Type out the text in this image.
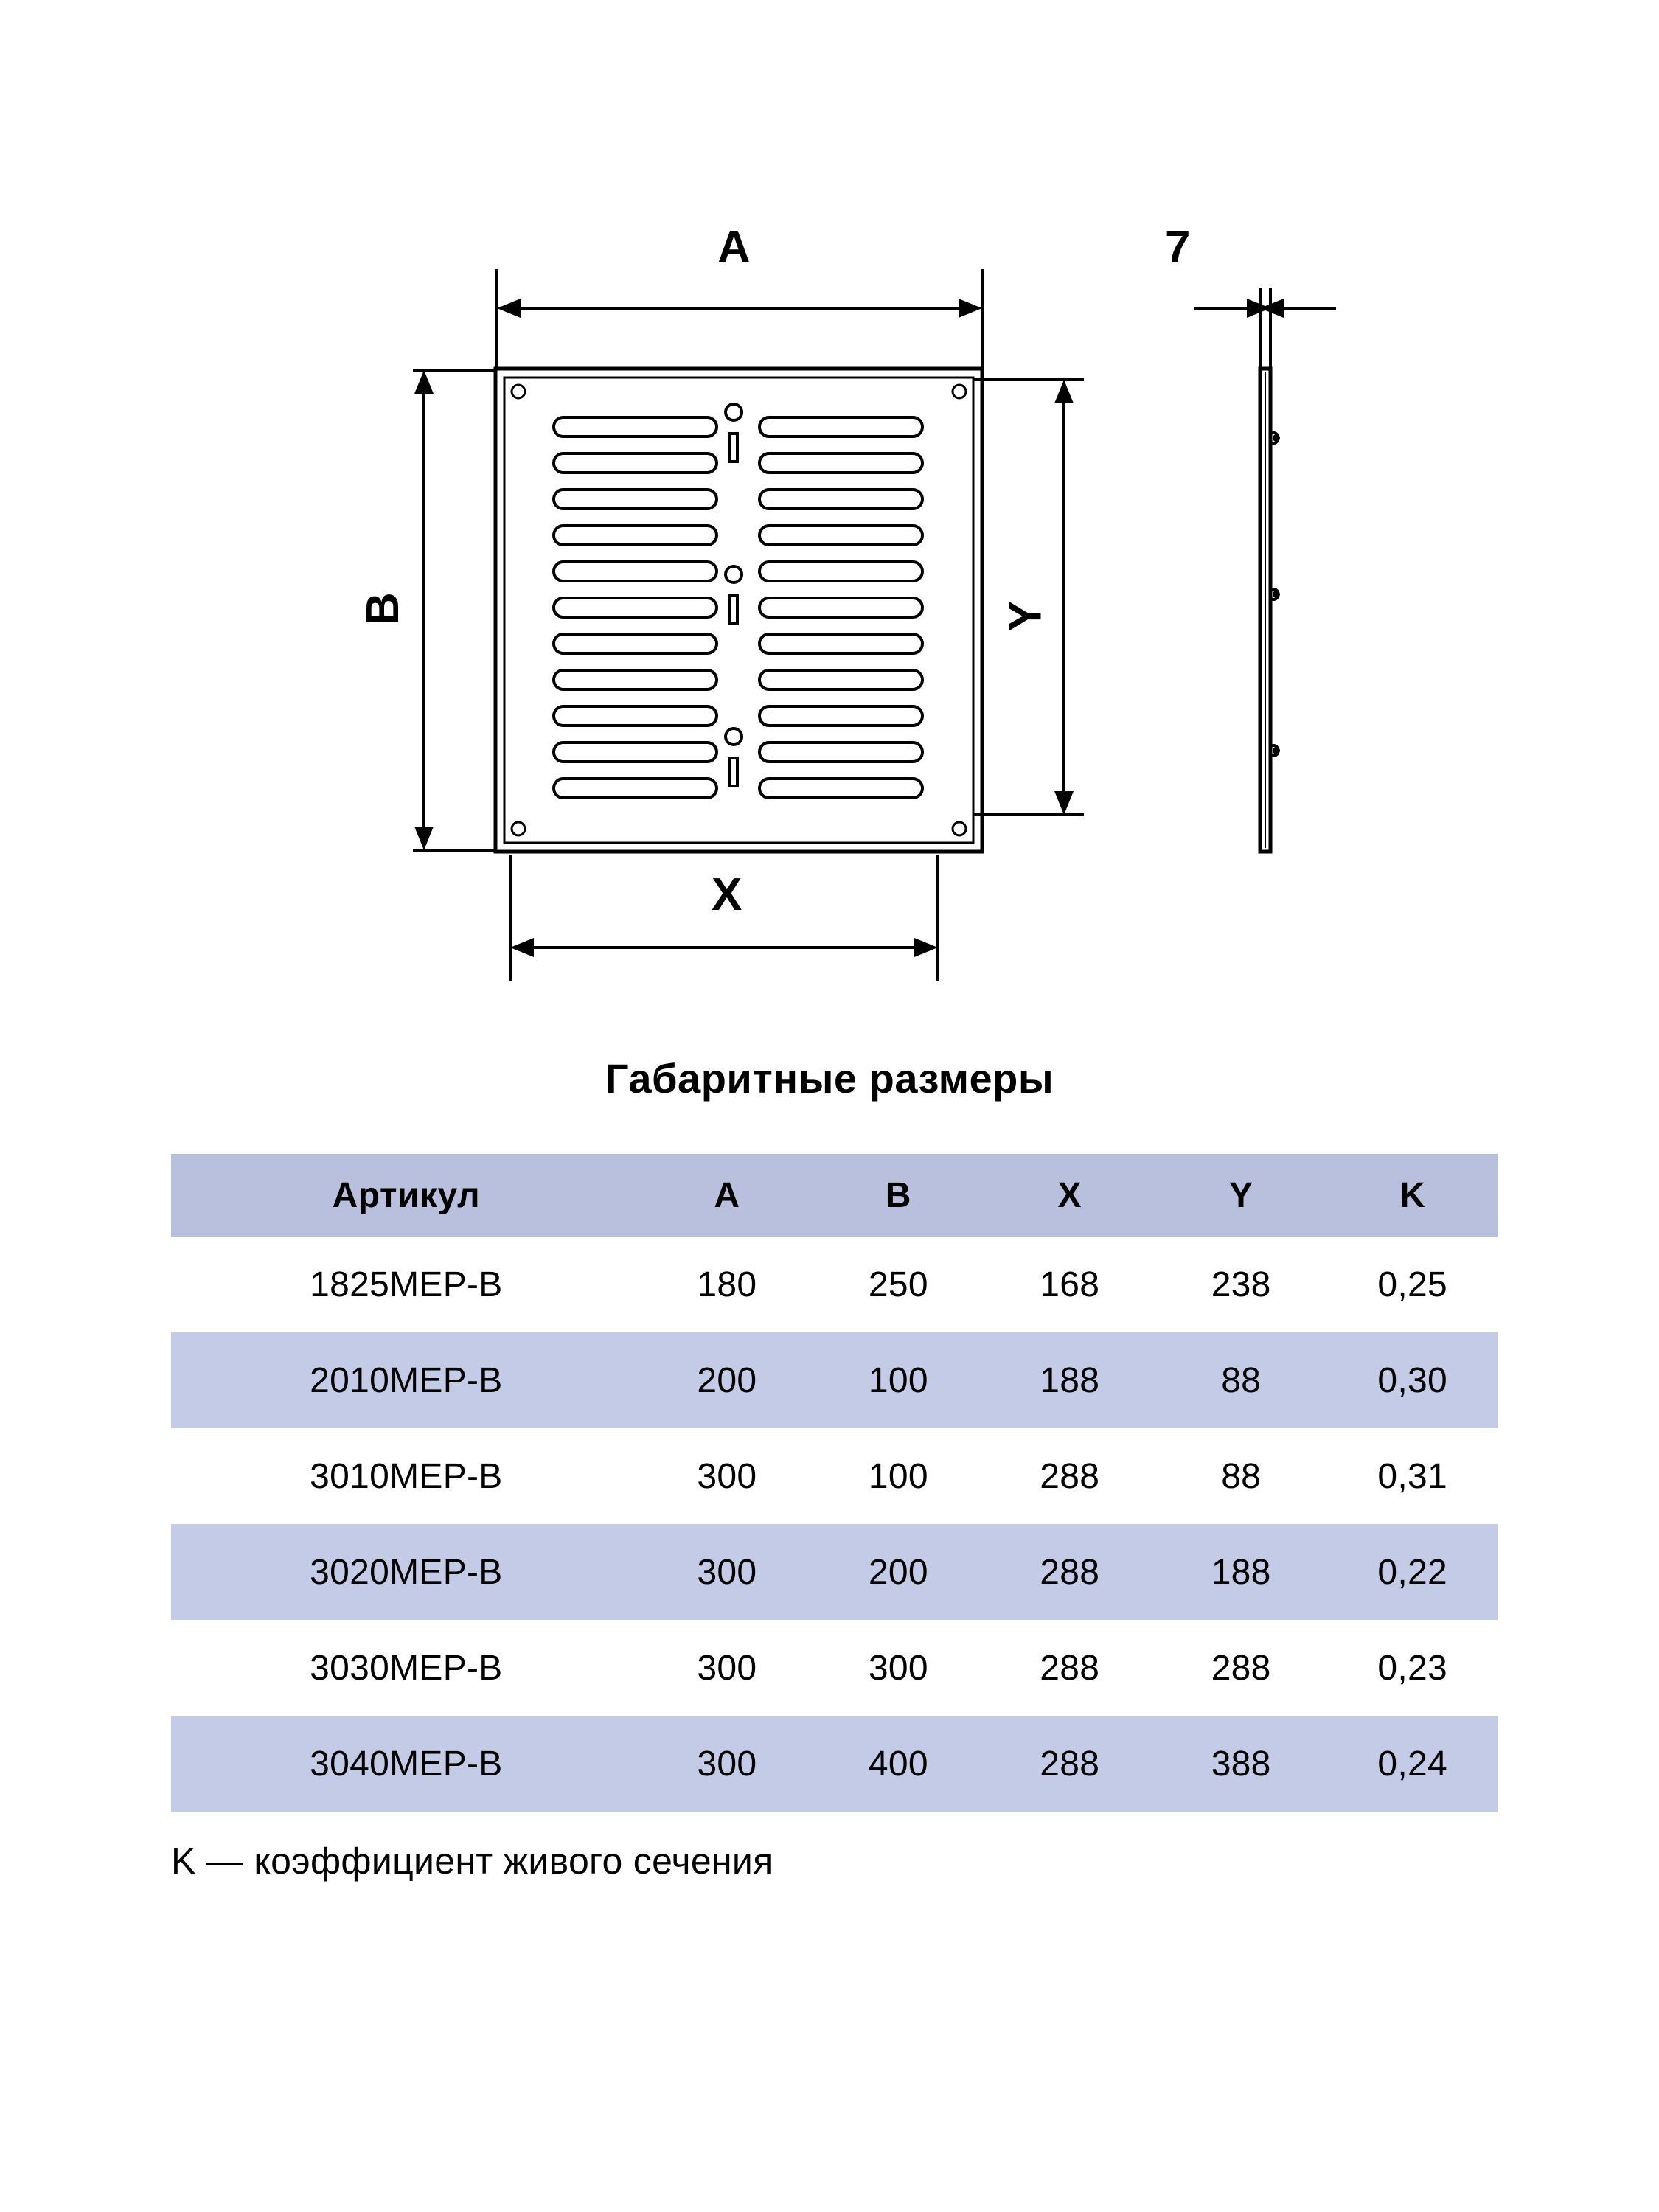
A
B
X
Y
7
Габаритные размеры
Артикул	A	B	X	Y	K
1825МЕР-В	180	250	168	238	0,25
2010МЕР-В	200	100	188	88	0,30
3010МЕР-В	300	100	288	88	0,31
3020МЕР-В	300	200	288	188	0,22
3030МЕР-В	300	300	288	288	0,23
3040МЕР-В	300	400	288	388	0,24
K — коэффициент живого сечения
